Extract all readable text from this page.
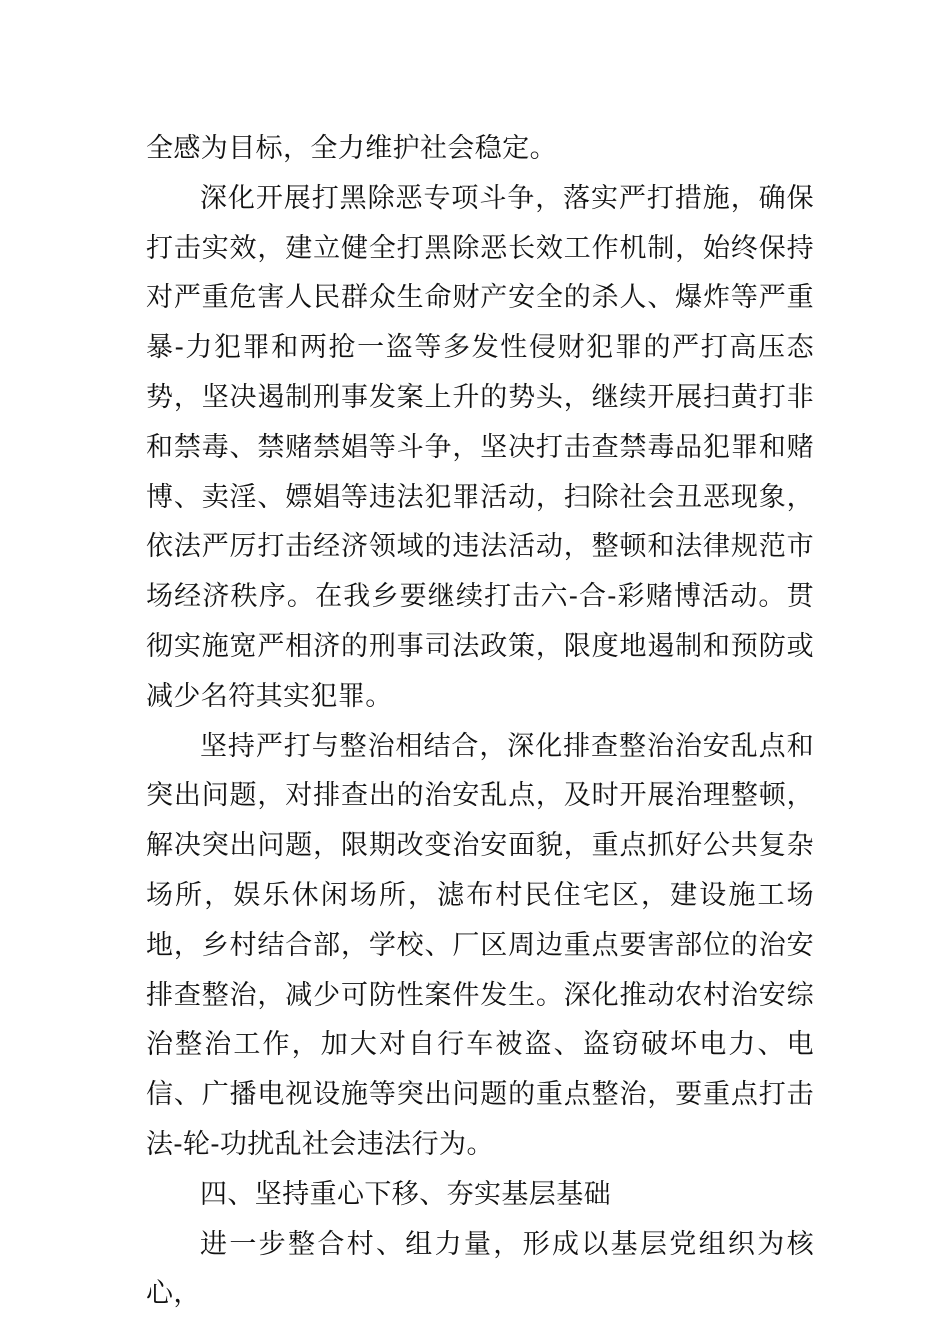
全感为目标，全力维护社会稳定。

深化开展打黑除恶专项斗争，落实严打措施，确保打击实效，建立健全打黑除恶长效工作机制，始终保持对严重危害人民群众生命财产安全的杀人、爆炸等严重暴-力犯罪和两抢一盗等多发性侵财犯罪的严打高压态势，坚决遏制刑事发案上升的势头，继续开展扫黄打非和禁毒、禁赌禁娼等斗争，坚决打击查禁毒品犯罪和赌博、卖淫、嫖娼等违法犯罪活动，扫除社会丑恶现象，依法严厉打击经济领域的违法活动，整顿和法律规范市场经济秩序。在我乡要继续打击六-合-彩赌博活动。贯彻实施宽严相济的刑事司法政策，限度地遏制和预防或减少名符其实犯罪。

坚持严打与整治相结合，深化排查整治治安乱点和突出问题，对排查出的治安乱点，及时开展治理整顿，解决突出问题，限期改变治安面貌，重点抓好公共复杂场所，娱乐休闲场所，滤布村民住宅区，建设施工场地，乡村结合部，学校、厂区周边重点要害部位的治安排查整治，减少可防性案件发生。深化推动农村治安综治整治工作，加大对自行车被盗、盗窃破坏电力、电信、广播电视设施等突出问题的重点整治，要重点打击法-轮-功扰乱社会违法行为。

四、坚持重心下移、夯实基层基础

进一步整合村、组力量，形成以基层党组织为核心，
